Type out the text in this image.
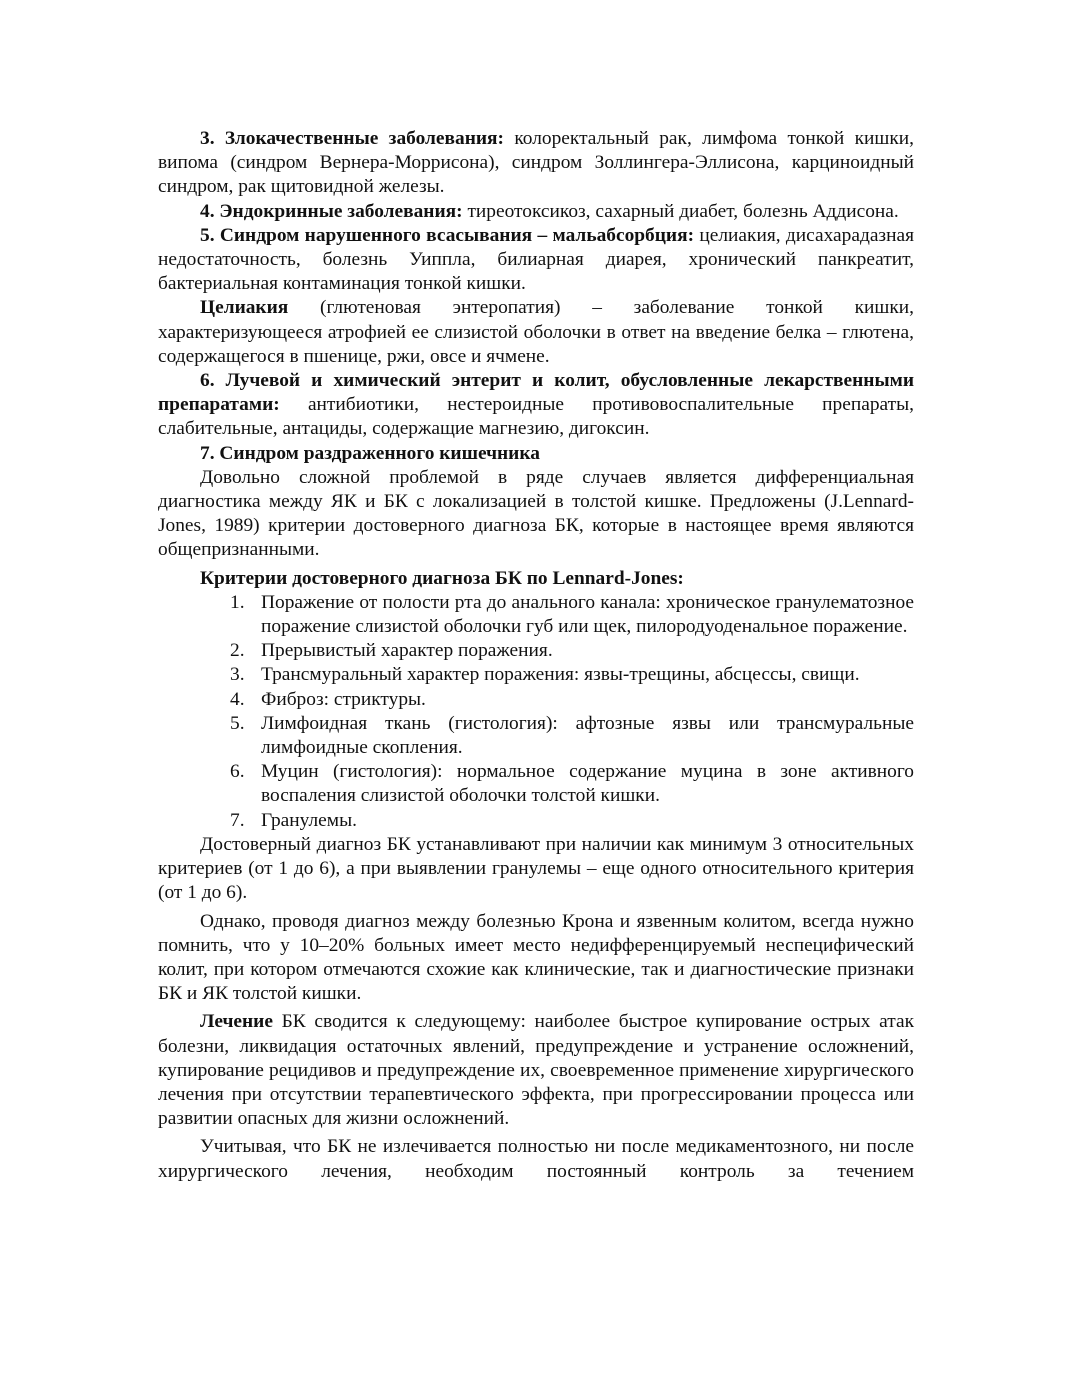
3. Злокачественные заболевания: колоректальный рак, лимфома тонкой кишки, випома (синдром Вернера-Моррисона), синдром Золлингера-Эллисона, карциноидный синдром, рак щитовидной железы.

4. Эндокринные заболевания: тиреотоксикоз, сахарный диабет, болезнь Аддисона.

5. Синдром нарушенного всасывания – мальабсорбция: целиакия, дисахарадазная недостаточность, болезнь Уиппла, билиарная диарея, хронический панкреатит, бактериальная контаминация тонкой кишки.

Целиакия (глютеновая энтеропатия) – заболевание тонкой кишки, характеризующееся атрофией ее слизистой оболочки в ответ на введение белка – глютена, содержащегося в пшенице, ржи, овсе и ячмене.

6. Лучевой и химический энтерит и колит, обусловленные лекарственными препаратами: антибиотики, нестероидные противовоспалительные препараты, слабительные, антациды, содержащие магнезию, дигоксин.

7. Синдром раздраженного кишечника

Довольно сложной проблемой в ряде случаев является дифференциальная диагностика между ЯК и БК с локализацией в толстой кишке. Предложены (J.Lennard-Jones, 1989) критерии достоверного диагноза БК, которые в настоящее время являются общепризнанными.

Критерии достоверного диагноза БК по Lennard-Jones:

1. Поражение от полости рта до анального канала: хроническое гранулематозное поражение слизистой оболочки губ или щек, пилородуоденальное поражение.
2. Прерывистый характер поражения.
3. Трансмуральный характер поражения: язвы-трещины, абсцессы, свищи.
4. Фиброз: стриктуры.
5. Лимфоидная ткань (гистология): афтозные язвы или трансмуральные лимфоидные скопления.
6. Муцин (гистология): нормальное содержание муцина в зоне активного воспаления слизистой оболочки толстой кишки.
7. Гранулемы.

Достоверный диагноз БК устанавливают при наличии как минимум 3 относительных критериев (от 1 до 6), а при выявлении гранулемы – еще одного относительного критерия (от 1 до 6).

Однако, проводя диагноз между болезнью Крона и язвенным колитом, всегда нужно помнить, что у 10–20% больных имеет место недифференцируемый неспецифический колит, при котором отмечаются схожие как клинические, так и диагностические признаки БК и ЯК толстой кишки.

Лечение БК сводится к следующему: наиболее быстрое купирование острых атак болезни, ликвидация остаточных явлений, предупреждение и устранение осложнений, купирование рецидивов и предупреждение их, своевременное применение хирургического лечения при отсутствии терапевтического эффекта, при прогрессировании процесса или развитии опасных для жизни осложнений.

Учитывая, что БК не излечивается полностью ни после медикаментозного, ни после хирургического лечения, необходим постоянный контроль за течением
